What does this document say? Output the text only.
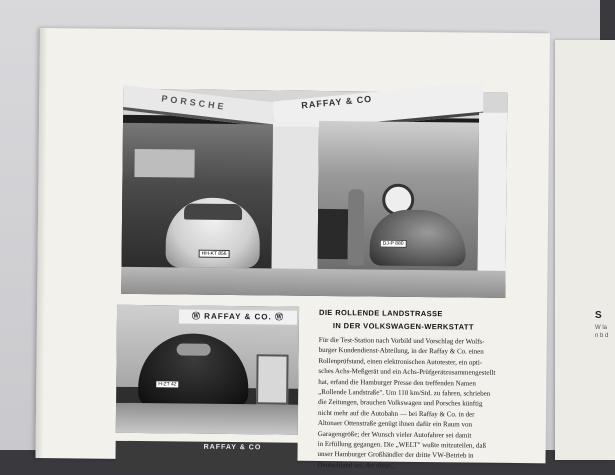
S
W la n b d
PORSCHE	RAFFAY & CO
HH-KT 856
DJ-P 880
Ⓦ RAFFAY & CO. Ⓦ
H-ZT 42
RAFFAY & CO
DIE ROLLENDE LANDSTRASSE
IN DER VOLKSWAGEN-WERKSTATT
Für die Test-Station nach Vorbild und Vorschlag der Wolfs-
burger Kundendienst-Abteilung, in der Raffay & Co. einen
Rollenprüfstand, einen elektronischen Autotester, ein opti-
sches Achs-Meßgerät und ein Achs-Prüfgerätzusammengestellt
hat, erfand die Hamburger Presse den treffenden Namen
„Rollende Landstraße". Um 110 km/Std. zu fahren, schrieben
die Zeitungen, brauchen Volkswagen und Porsches künftig
nicht mehr auf die Autobahn — bei Raffay & Co. in der
Altonaer Ottenstraße genügt ihnen dafür ein Raum von
Garagengröße; der Wunsch vieler Autofahrer sei damit
in Erfüllung gegangen. Die „WELT" wußte mitzuteilen, daß
unser Hamburger Großhändler der dritte VW-Betrieb in
Deutschland sei, der diese...
